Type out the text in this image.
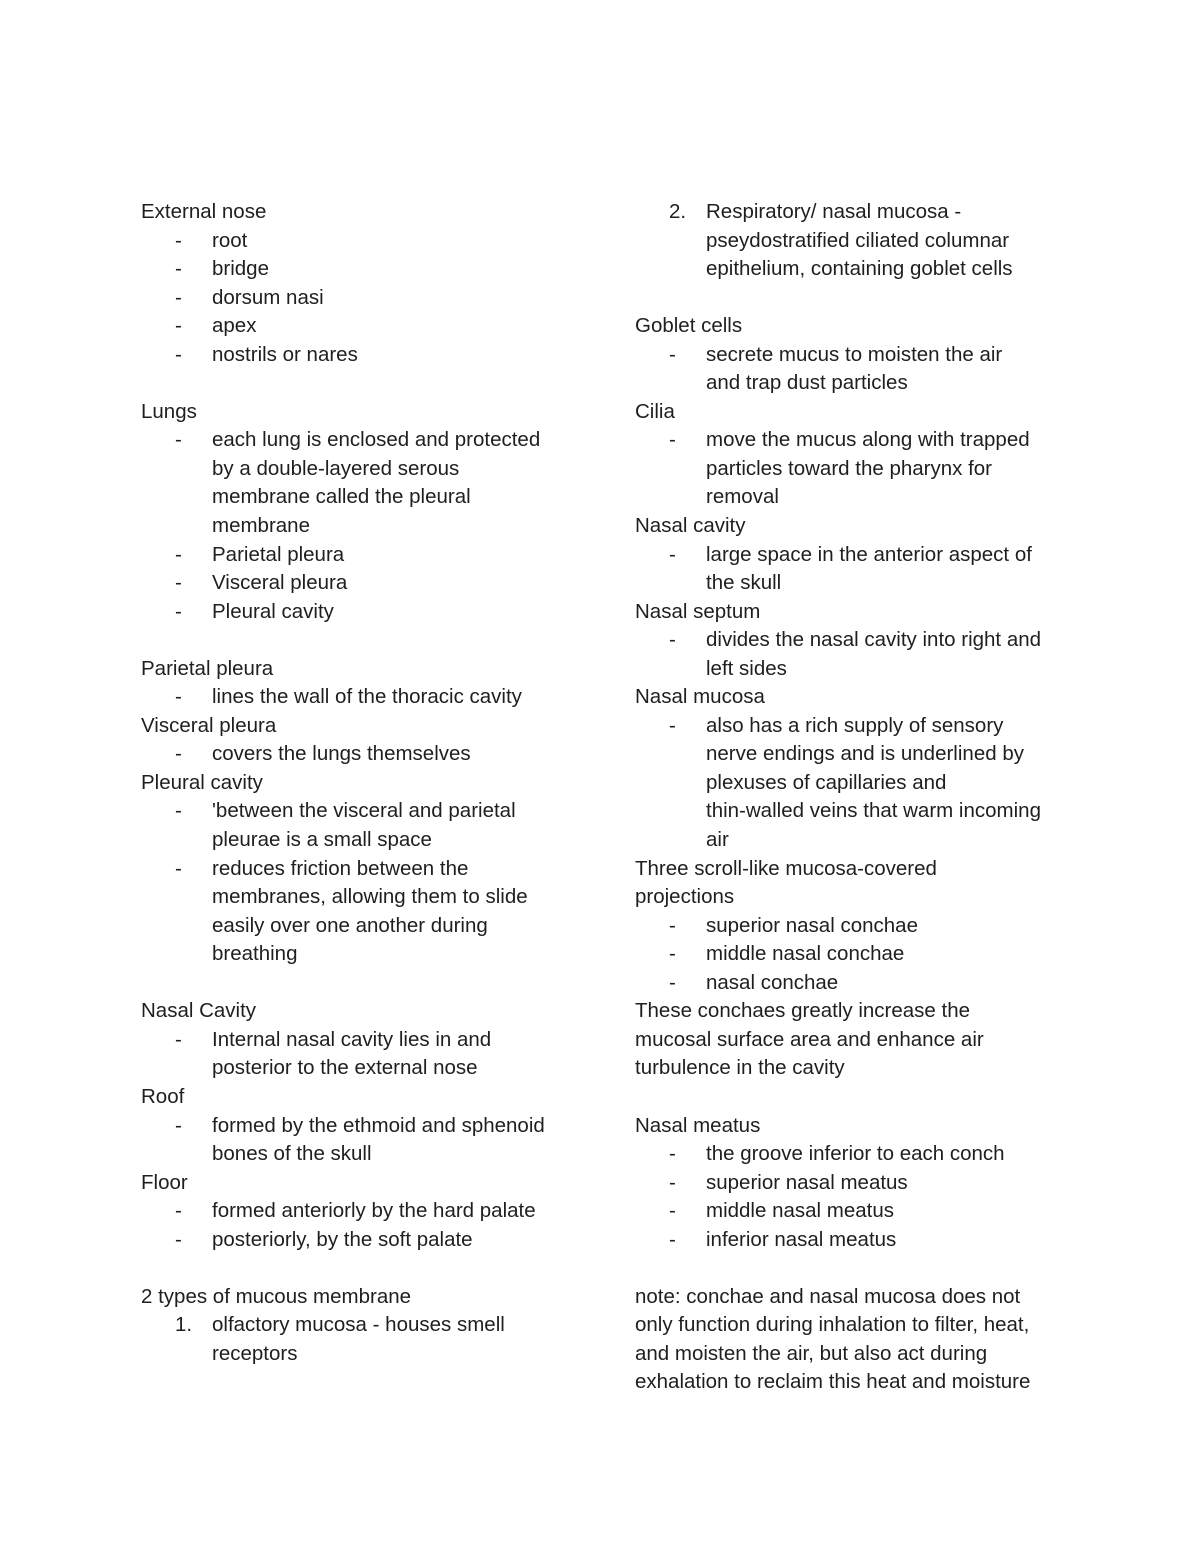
External nose
- root
- bridge
- dorsum nasi
- apex
- nostrils or nares
Lungs
- each lung is enclosed and protected
by a double-layered serous
membrane called the pleural
membrane
- Parietal pleura
- Visceral pleura
- Pleural cavity
Parietal pleura
- lines the wall of the thoracic cavity
Visceral pleura
- covers the lungs themselves
Pleural cavity
- 'between the visceral and parietal
pleurae is a small space
- reduces friction between the
membranes, allowing them to slide
easily over one another during
breathing
Nasal Cavity
- Internal nasal cavity lies in and
posterior to the external nose
Roof
- formed by the ethmoid and sphenoid
bones of the skull
Floor
- formed anteriorly by the hard palate
- posteriorly, by the soft palate
2 types of mucous membrane
1. olfactory mucosa - houses smell
receptors
2. Respiratory/ nasal mucosa -
pseydostratified ciliated columnar
epithelium, containing goblet cells
Goblet cells
- secrete mucus to moisten the air
and trap dust particles
Cilia
- move the mucus along with trapped
particles toward the pharynx for
removal
Nasal cavity
- large space in the anterior aspect of
the skull
Nasal septum
- divides the nasal cavity into right and
left sides
Nasal mucosa
- also has a rich supply of sensory
nerve endings and is underlined by
plexuses of capillaries and
thin-walled veins that warm incoming
air
Three scroll-like mucosa-covered
projections
- superior nasal conchae
- middle nasal conchae
- nasal conchae
These conchaes greatly increase the
mucosal surface area and enhance air
turbulence in the cavity
Nasal meatus
- the groove inferior to each conch
- superior nasal meatus
- middle nasal meatus
- inferior nasal meatus
note: conchae and nasal mucosa does not
only function during inhalation to filter, heat,
and moisten the air, but also act during
exhalation to reclaim this heat and moisture
